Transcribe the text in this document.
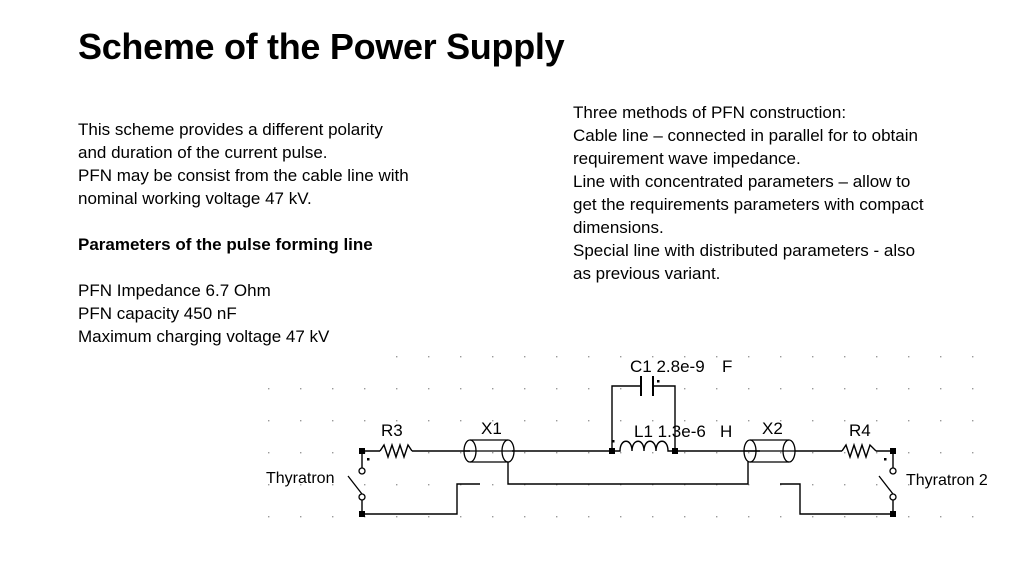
Scheme of the Power Supply
This scheme provides a different polarity
and duration of the current pulse.
PFN may be consist from the cable line with
nominal working voltage 47 kV.
Parameters of the pulse forming line
PFN Impedance 6.7 Ohm
PFN capacity 450 nF
Maximum charging voltage 47 kV
Three methods of PFN construction:
Cable line – connected in parallel for to obtain
requirement wave impedance.
Line with concentrated parameters – allow to
get the requirements parameters with compact
dimensions.
Special line with distributed parameters - also
as previous variant.
C1 2.8e-9 F
L1 1.3e-6 H
R3	R4
X1	X2
Thyratron	Thyratron 2
